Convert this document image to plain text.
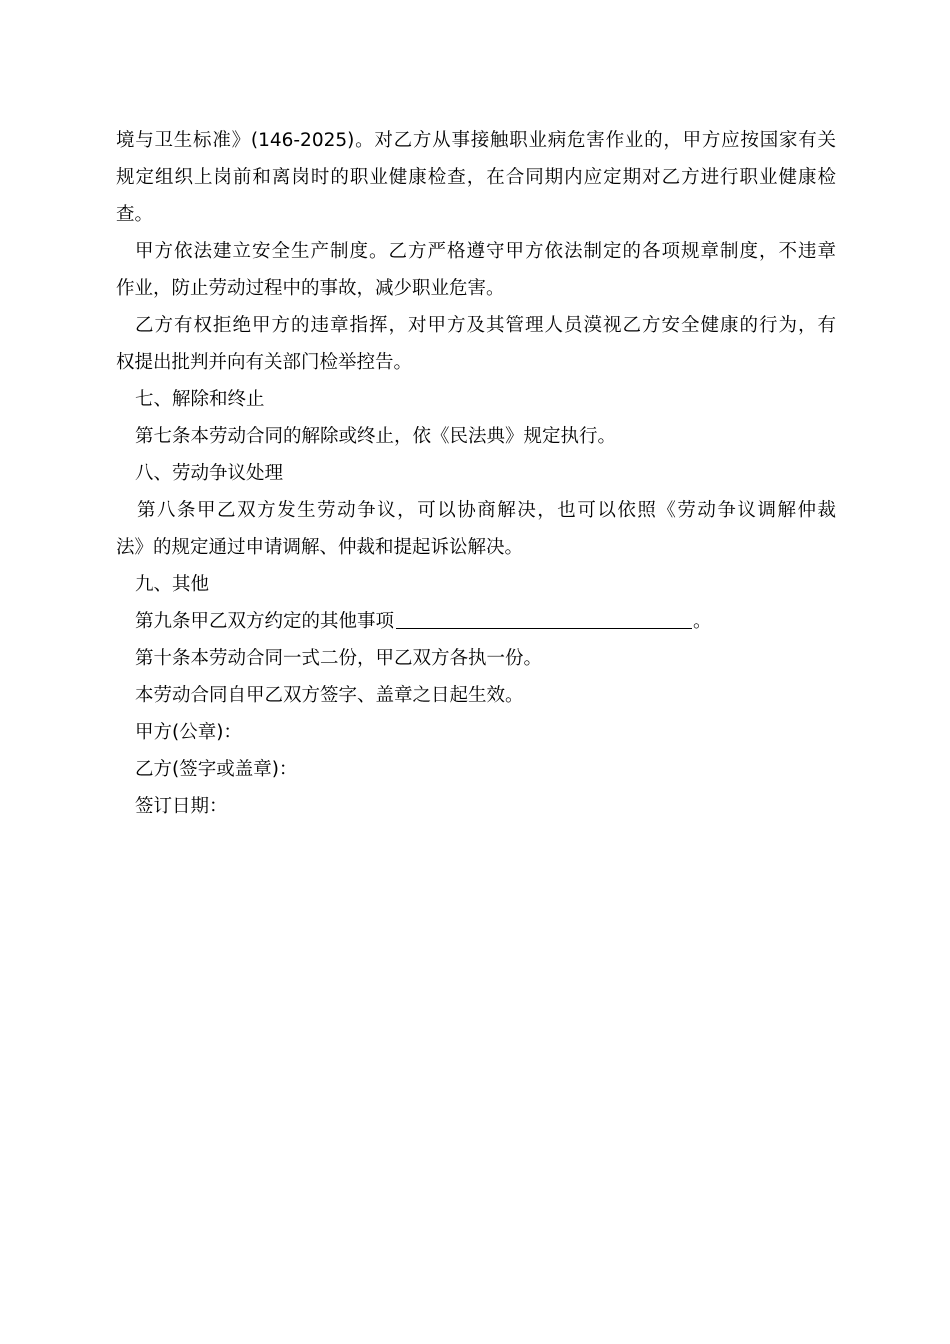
境与卫生标准》(146-2025)。对乙方从事接触职业病危害作业的，甲方应按国家有关
规定组织上岗前和离岗时的职业健康检查，在合同期内应定期对乙方进行职业健康检
查。
甲方依法建立安全生产制度。乙方严格遵守甲方依法制定的各项规章制度，不违章
作业，防止劳动过程中的事故，减少职业危害。
乙方有权拒绝甲方的违章指挥，对甲方及其管理人员漠视乙方安全健康的行为，有
权提出批判并向有关部门检举控告。

七、解除和终止

第七条本劳动合同的解除或终止，依《民法典》规定执行。

八、劳动争议处理

第八条甲乙双方发生劳动争议，可以协商解决，也可以依照《劳动争议调解仲裁
法》的规定通过申请调解、仲裁和提起诉讼解决。

九、其他

第九条甲乙双方约定的其他事项	。

第十条本劳动合同一式二份，甲乙双方各执一份。

本劳动合同自甲乙双方签字、盖章之日起生效。

甲方(公章)：

乙方(签字或盖章)：

签订日期：
